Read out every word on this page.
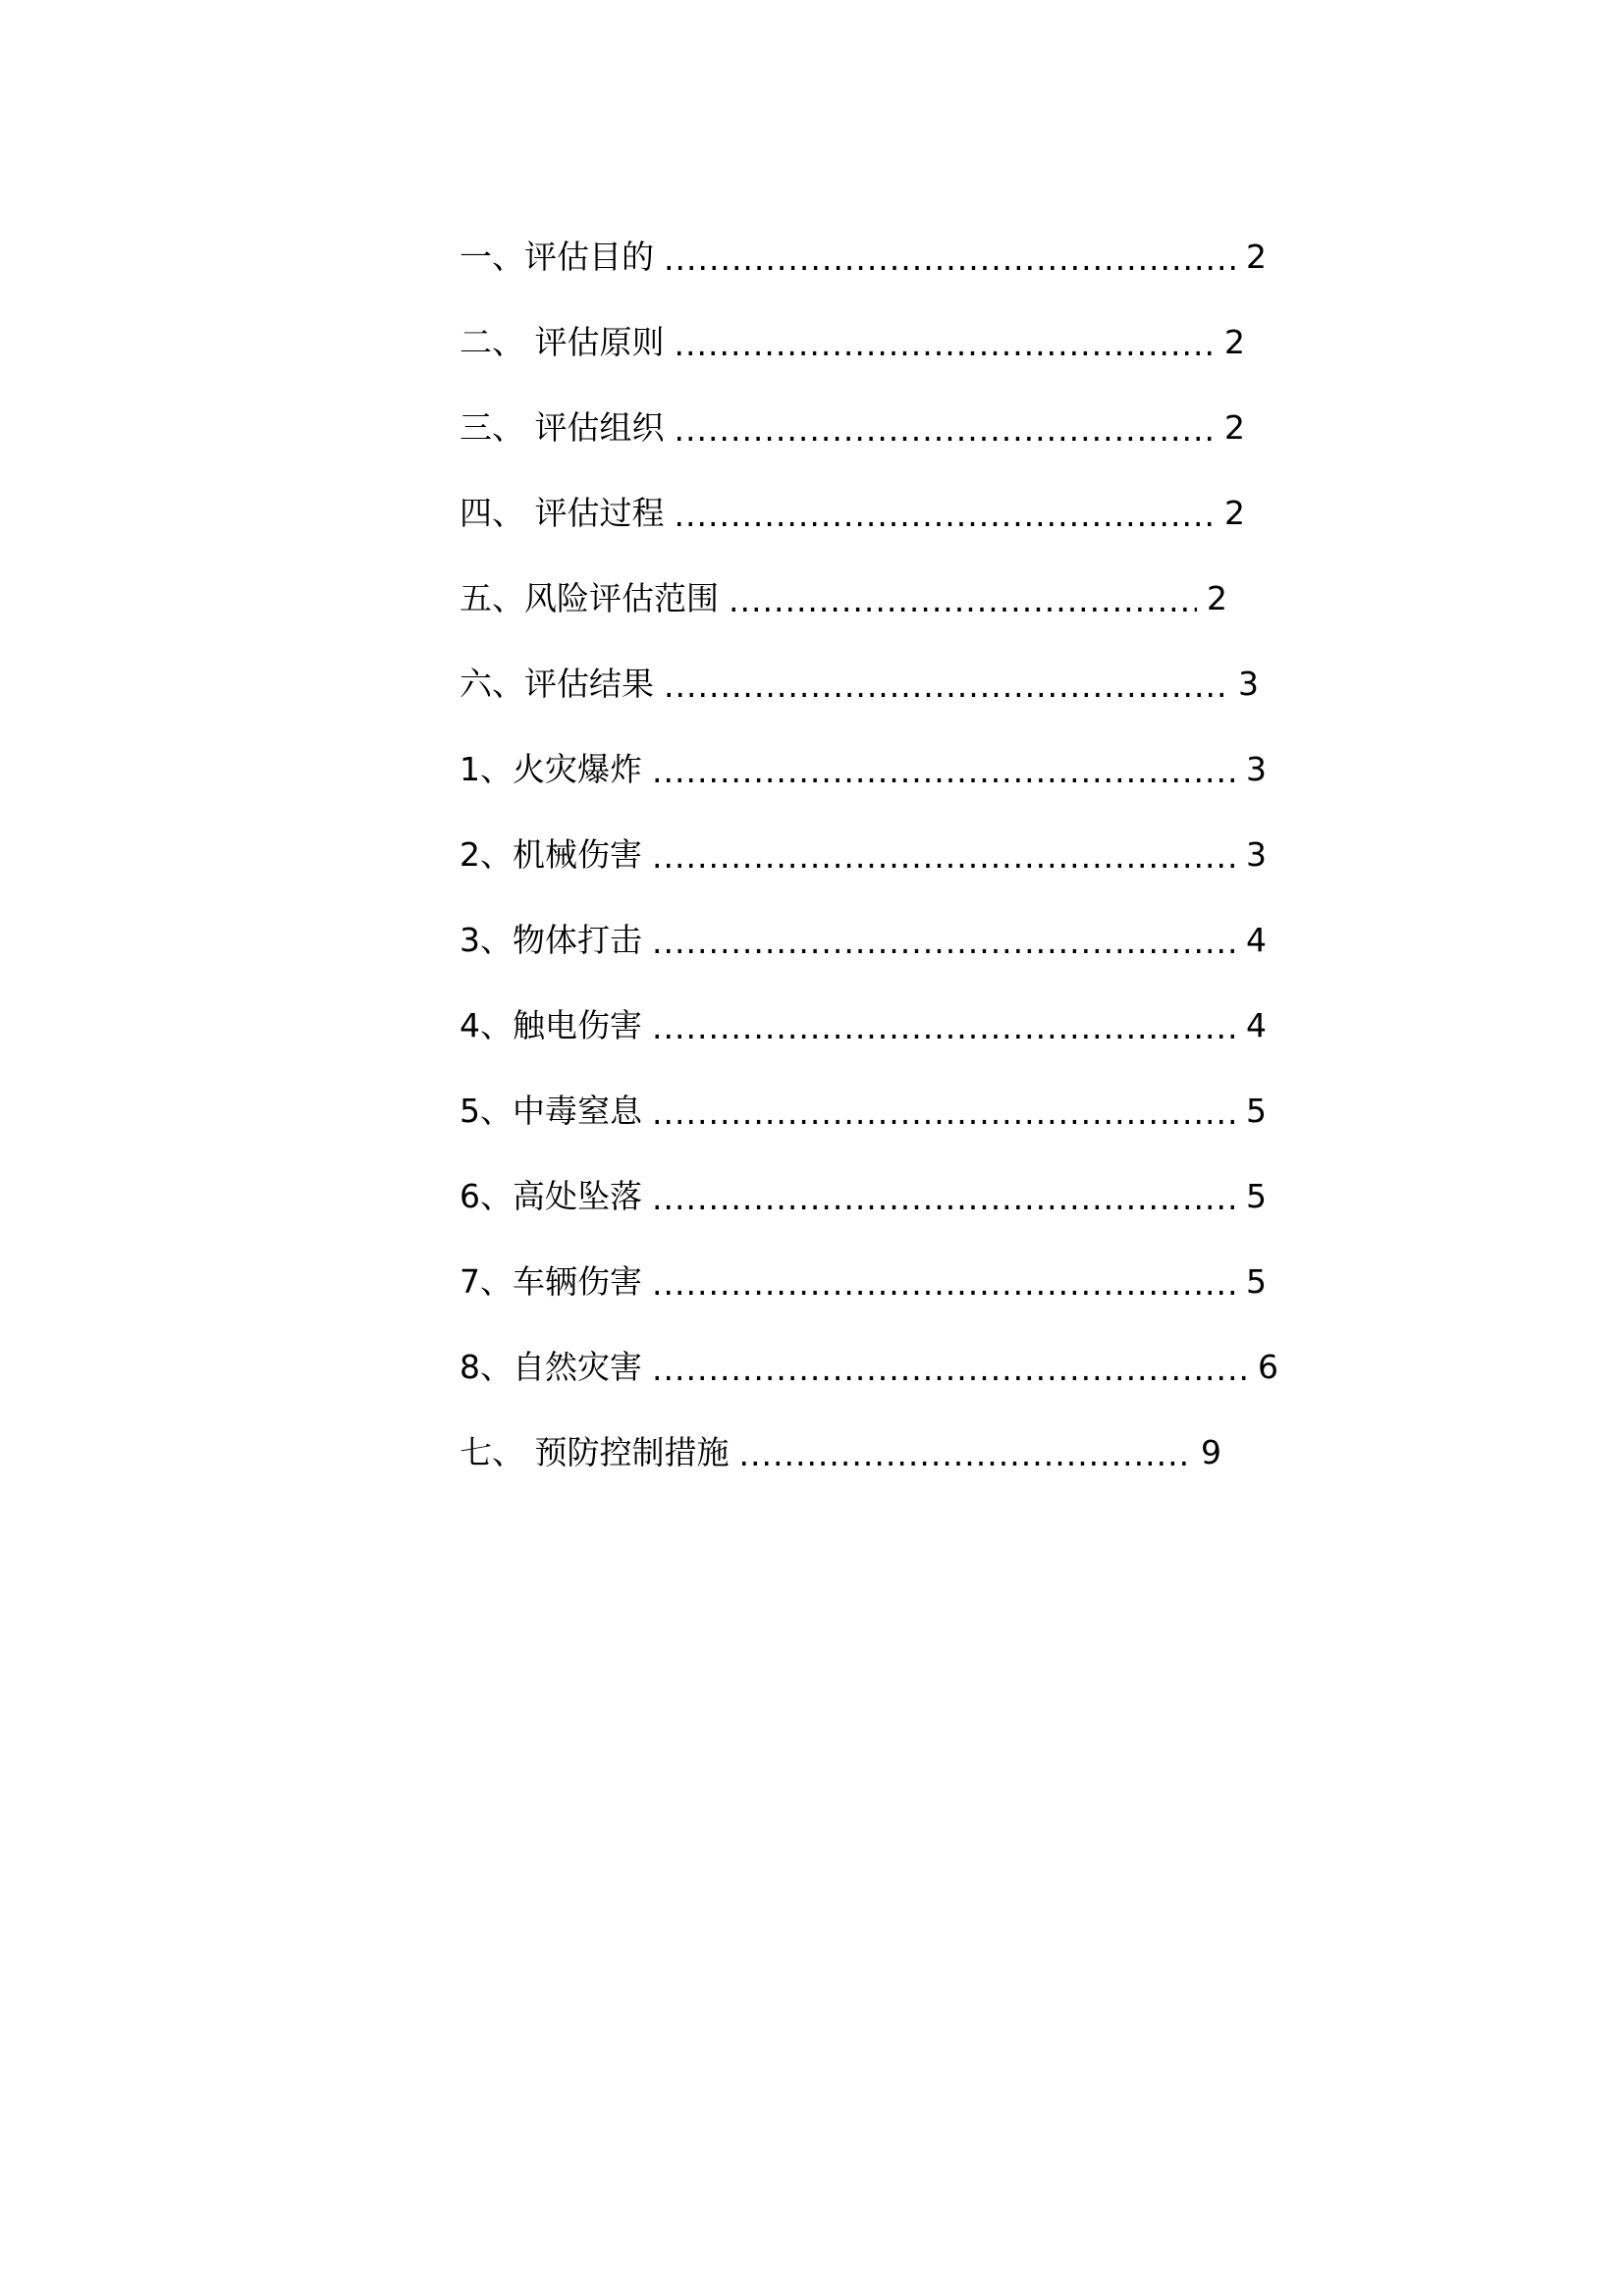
一、评估目的 .....	2
二、 评估原则 .....	2
三、 评估组织 .....	2
四、 评估过程 .....	2
五、风险评估范围 .....	2
六、评估结果 .....	3
1、火灾爆炸 .....	3
2、机械伤害 .....	3
3、物体打击 .....	4
4、触电伤害 .....	4
5、中毒窒息 .....	5
6、高处坠落 .....	5
7、车辆伤害 .....	5
8、自然灾害 .....	6
七、 预防控制措施 .....	9
